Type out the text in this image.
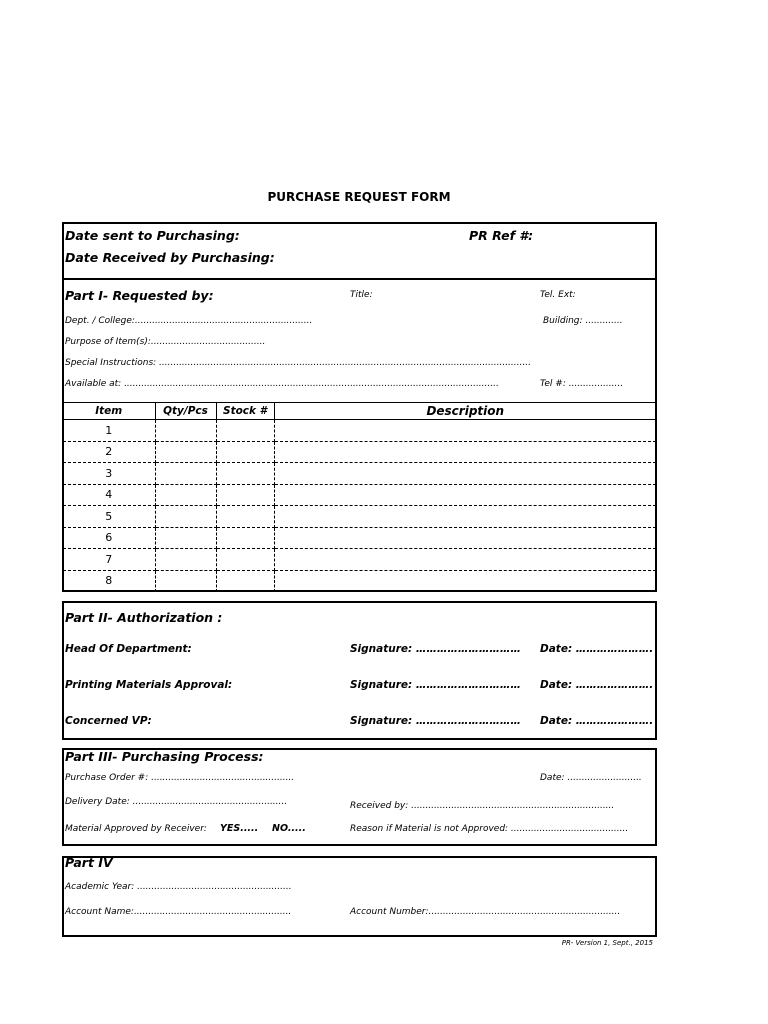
PURCHASE REQUEST FORM
Date sent to Purchasing:	PR Ref #:
Date Received by Purchasing:
Part I- Requested by:	Title:	Tel. Ext:
Dept. / College:..............................................................	Building: .............
Purpose of Item(s):........................................
Special Instructions: ..................................................................................................................................
Available at: ...................................................................................................................................	Tel #: ...................
Item	Qty/Pcs	Stock #	Description
1			
2			
3			
4			
5			
6			
7			
8			
Part II- Authorization :
Head Of Department:	Signature: ………………………… Date: ………………….
Printing Materials Approval:	Signature: ………………………… Date: ………………….
Concerned VP:	Signature: ………………………… Date: ………………….
Part III- Purchasing Process:
Purchase Order #: ..................................................	Date: ..........................
Delivery Date: ......................................................	Received by: .......................................................................
Material Approved by Receiver: YES..... NO.....	Reason if Material is not Approved: .........................................
Part IV
Academic Year: ......................................................
Account Name:.......................................................	Account Number:...................................................................
PR- Version 1, Sept., 2015
